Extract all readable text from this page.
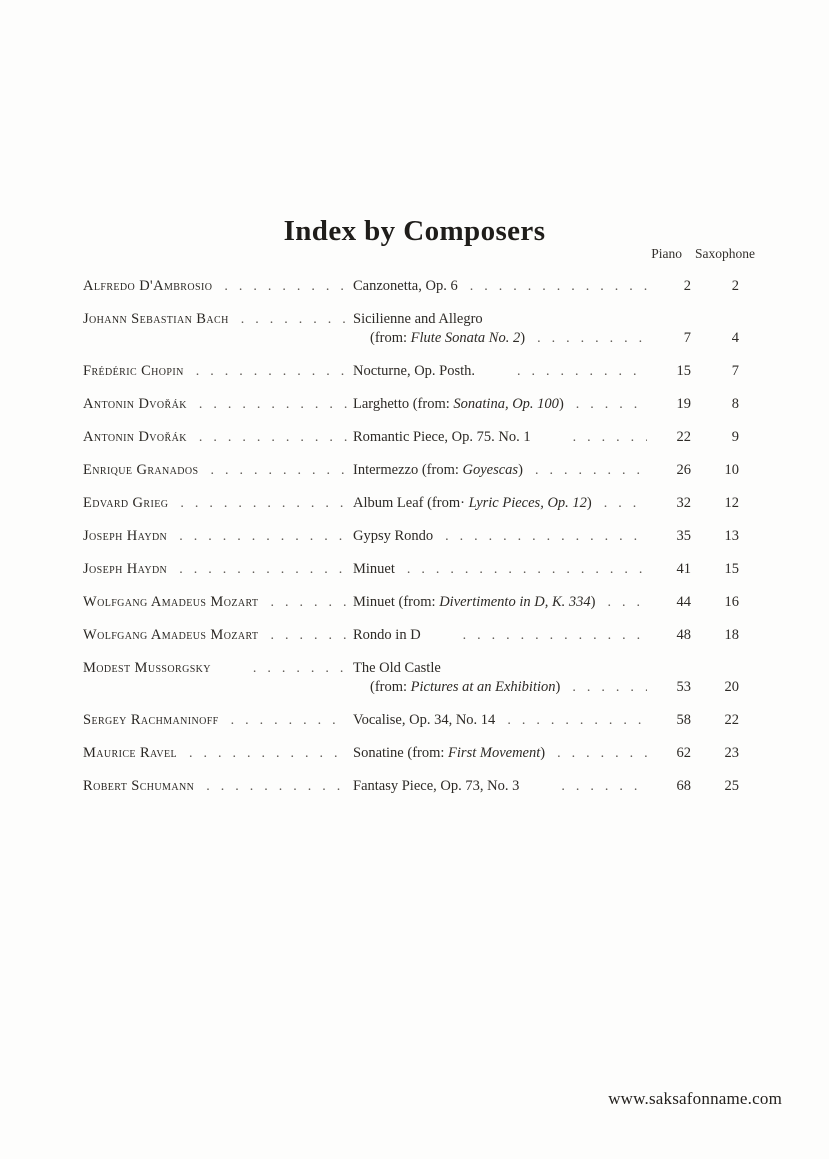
Index by Composers
Piano Saxophone
Alfredo D'Ambrosio .....	Canzonetta, Op. 6 .....	2	2
Johann Sebastian Bach .....	Sicilienne and Allegro
(from: Flute Sonata No. 2) .....	7	4
Frédéric Chopin .....	Nocturne, Op. Posth. .....	15	7
Antonin Dvořák .....	Larghetto (from: Sonatina, Op. 100) .....	19	8
Antonin Dvořák .....	Romantic Piece, Op. 75. No. 1 .....	22	9
Enrique Granados .....	Intermezzo (from: Goyescas) .....	26	10
Edvard Grieg .....	Album Leaf (from· Lyric Pieces, Op. 12) .....	32	12
Joseph Haydn .....	Gypsy Rondo .....	35	13
Joseph Haydn .....	Minuet .....	41	15
Wolfgang Amadeus Mozart .....	Minuet (from: Divertimento in D, K. 334) .....	44	16
Wolfgang Amadeus Mozart .....	Rondo in D .....	48	18
Modest Mussorgsky .....	The Old Castle
(from: Pictures at an Exhibition) .....	53	20
Sergey Rachmaninoff .....	Vocalise, Op. 34, No. 14 .....	58	22
Maurice Ravel .....	Sonatine (from: First Movement) .....	62	23
Robert Schumann .....	Fantasy Piece, Op. 73, No. 3 .....	68	25
www.saksafonname.com
